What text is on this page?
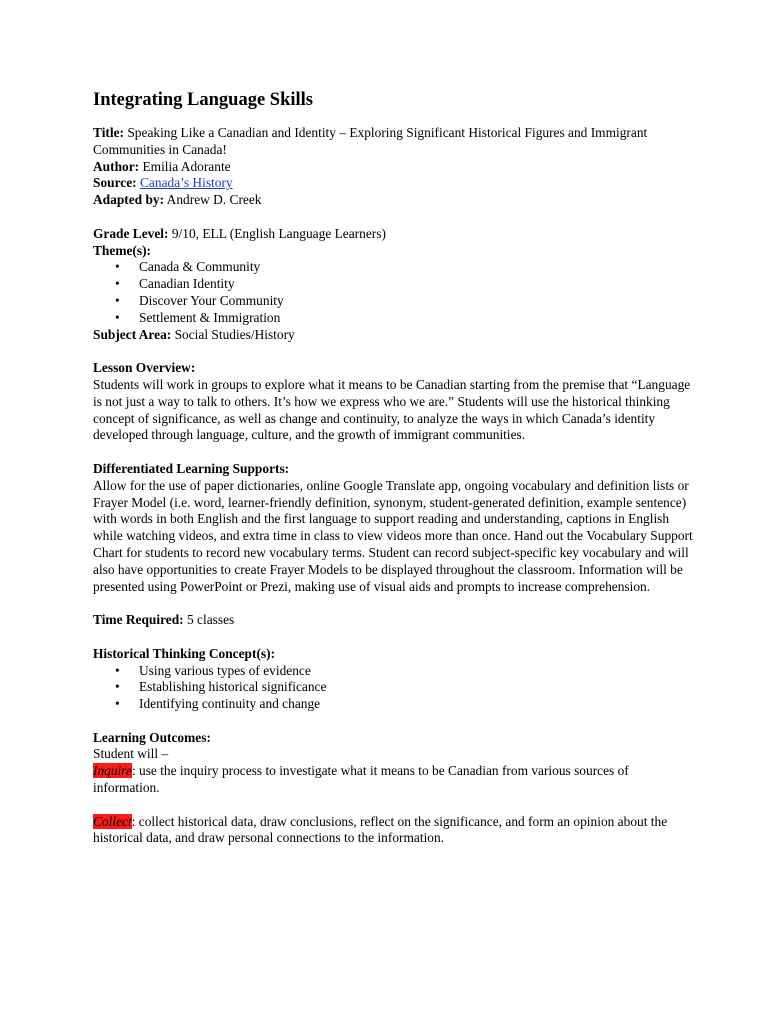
Integrating Language Skills

Title: Speaking Like a Canadian and Identity – Exploring Significant Historical Figures and Immigrant Communities in Canada!

Author: Emilia Adorante

Source: Canada’s History

Adapted by: Andrew D. Creek

Grade Level: 9/10, ELL (English Language Learners)

Theme(s):

• Canada & Community
• Canadian Identity
• Discover Your Community
• Settlement & Immigration

Subject Area: Social Studies/History

Lesson Overview:

Students will work in groups to explore what it means to be Canadian starting from the premise that “Language is not just a way to talk to others. It’s how we express who we are.” Students will use the historical thinking concept of significance, as well as change and continuity, to analyze the ways in which Canada’s identity developed through language, culture, and the growth of immigrant communities.

Differentiated Learning Supports:

Allow for the use of paper dictionaries, online Google Translate app, ongoing vocabulary and definition lists or Frayer Model (i.e. word, learner-friendly definition, synonym, student-generated definition, example sentence) with words in both English and the first language to support reading and understanding, captions in English while watching videos, and extra time in class to view videos more than once. Hand out the Vocabulary Support Chart for students to record new vocabulary terms. Student can record subject-specific key vocabulary and will also have opportunities to create Frayer Models to be displayed throughout the classroom. Information will be presented using PowerPoint or Prezi, making use of visual aids and prompts to increase comprehension.

Time Required: 5 classes

Historical Thinking Concept(s):

• Using various types of evidence
• Establishing historical significance
• Identifying continuity and change

Learning Outcomes:

Student will –

Inquire: use the inquiry process to investigate what it means to be Canadian from various sources of information.

Collect: collect historical data, draw conclusions, reflect on the significance, and form an opinion about the historical data, and draw personal connections to the information.
